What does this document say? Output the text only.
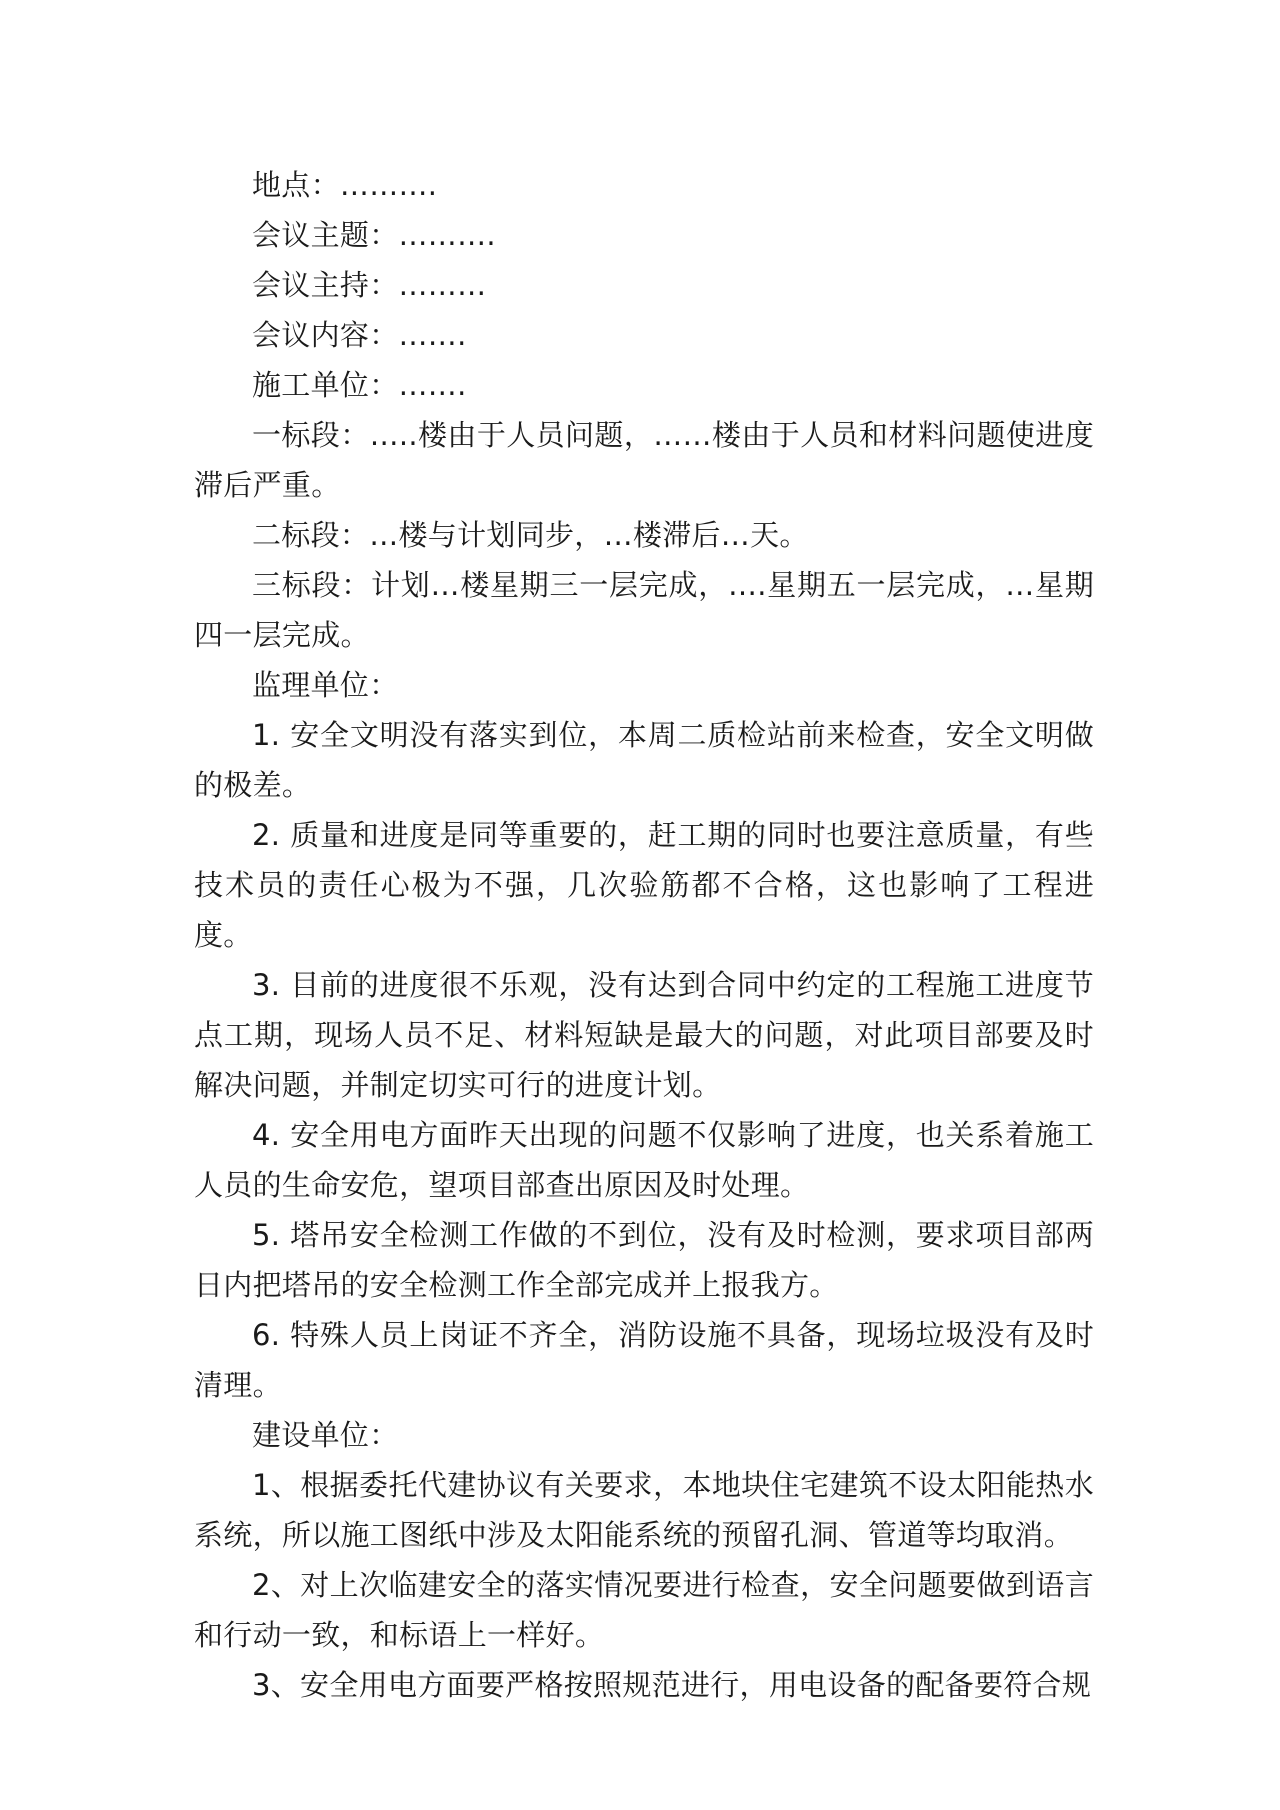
地点：……….

会议主题：……….

会议主持：………

会议内容：…….

施工单位：…….

一标段：…..楼由于人员问题，……楼由于人员和材料问题使进度滞后严重。

二标段：…楼与计划同步，…楼滞后…天。

三标段：计划…楼星期三一层完成，….星期五一层完成，…星期四一层完成。

监理单位：

1. 安全文明没有落实到位，本周二质检站前来检查，安全文明做的极差。

2. 质量和进度是同等重要的，赶工期的同时也要注意质量，有些技术员的责任心极为不强，几次验筋都不合格，这也影响了工程进度。

3. 目前的进度很不乐观，没有达到合同中约定的工程施工进度节点工期，现场人员不足、材料短缺是最大的问题，对此项目部要及时解决问题，并制定切实可行的进度计划。

4. 安全用电方面昨天出现的问题不仅影响了进度，也关系着施工人员的生命安危，望项目部查出原因及时处理。

5. 塔吊安全检测工作做的不到位，没有及时检测，要求项目部两日内把塔吊的安全检测工作全部完成并上报我方。

6. 特殊人员上岗证不齐全，消防设施不具备，现场垃圾没有及时清理。

建设单位：

1、根据委托代建协议有关要求，本地块住宅建筑不设太阳能热水系统，所以施工图纸中涉及太阳能系统的预留孔洞、管道等均取消。

2、对上次临建安全的落实情况要进行检查，安全问题要做到语言和行动一致，和标语上一样好。

3、安全用电方面要严格按照规范进行，用电设备的配备要符合规
